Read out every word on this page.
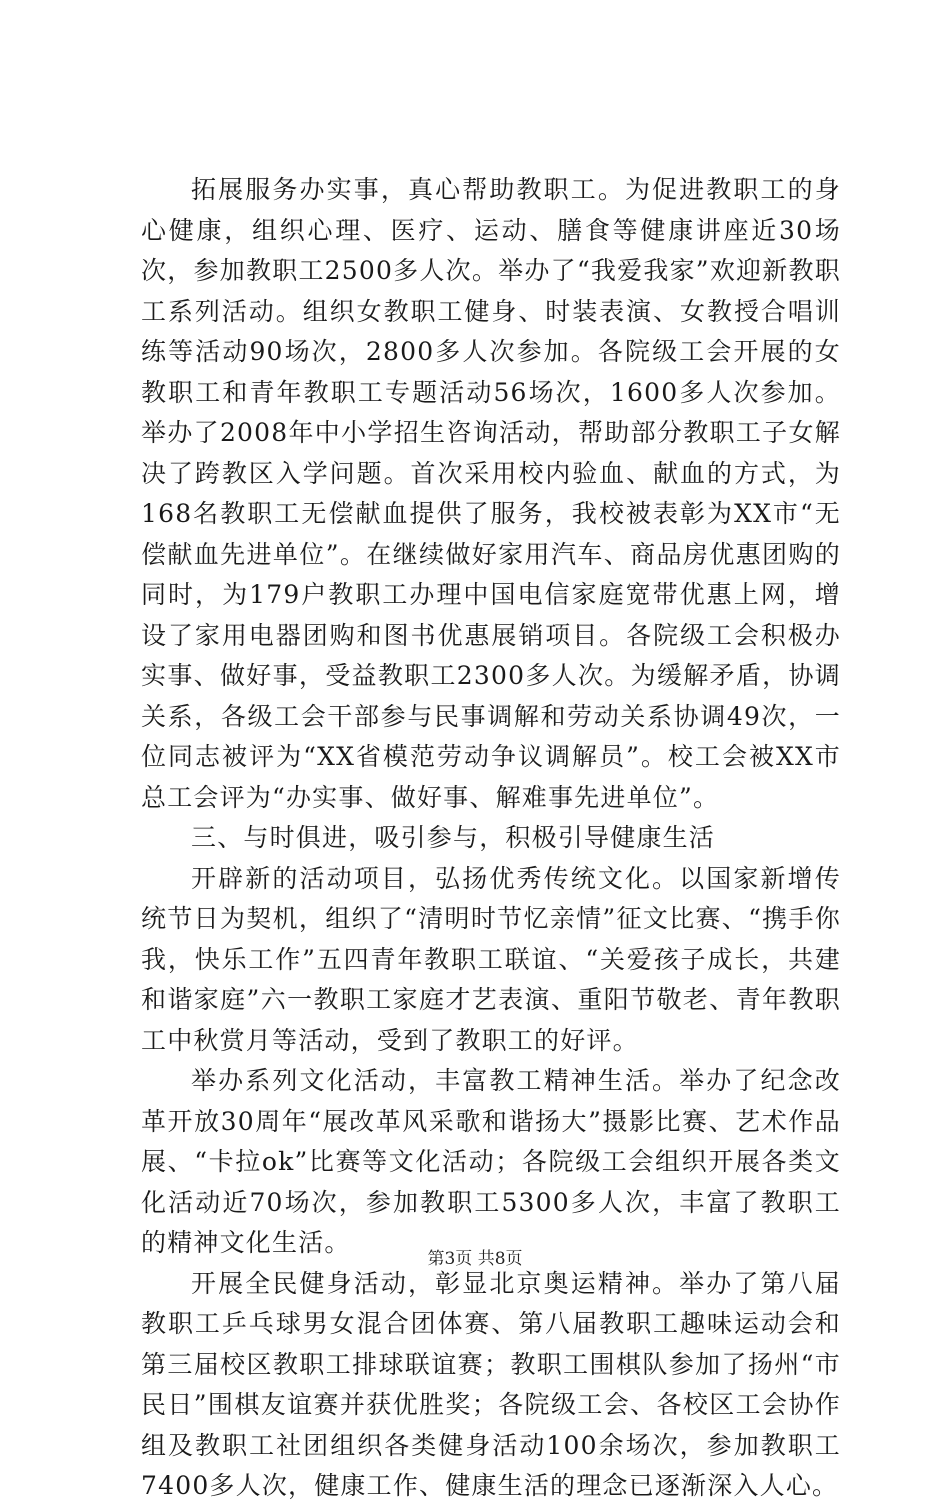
拓展服务办实事，真心帮助教职工。为促进教职工的身心健康，组织心理、医疗、运动、膳食等健康讲座近30场次，参加教职工2500多人次。举办了“我爱我家”欢迎新教职工系列活动。组织女教职工健身、时装表演、女教授合唱训练等活动90场次，2800多人次参加。各院级工会开展的女教职工和青年教职工专题活动56场次，1600多人次参加。举办了2008年中小学招生咨询活动，帮助部分教职工子女解决了跨教区入学问题。首次采用校内验血、献血的方式，为168名教职工无偿献血提供了服务，我校被表彰为XX市“无偿献血先进单位”。在继续做好家用汽车、商品房优惠团购的同时，为179户教职工办理中国电信家庭宽带优惠上网，增设了家用电器团购和图书优惠展销项目。各院级工会积极办实事、做好事，受益教职工2300多人次。为缓解矛盾，协调关系，各级工会干部参与民事调解和劳动关系协调49次，一位同志被评为“XX省模范劳动争议调解员”。校工会被XX市总工会评为“办实事、做好事、解难事先进单位”。

三、与时俱进，吸引参与，积极引导健康生活

开辟新的活动项目，弘扬优秀传统文化。以国家新增传统节日为契机，组织了“清明时节忆亲情”征文比赛、“携手你我，快乐工作”五四青年教职工联谊、“关爱孩子成长，共建和谐家庭”六一教职工家庭才艺表演、重阳节敬老、青年教职工中秋赏月等活动，受到了教职工的好评。

举办系列文化活动，丰富教工精神生活。举办了纪念改革开放30周年“展改革风采歌和谐扬大”摄影比赛、艺术作品展、“卡拉ok”比赛等文化活动；各院级工会组织开展各类文化活动近70场次，参加教职工5300多人次，丰富了教职工的精神文化生活。

开展全民健身活动，彰显北京奥运精神。举办了第八届教职工乒乓球男女混合团体赛、第八届教职工趣味运动会和第三届校区教职工排球联谊赛；教职工围棋队参加了扬州“市民日”围棋友谊赛并获优胜奖；各院级工会、各校区工会协作组及教职工社团组织各类健身活动100余场次，参加教职工7400多人次，健康工作、健康生活的理念已逐渐深入人心。

第3页 共8页
